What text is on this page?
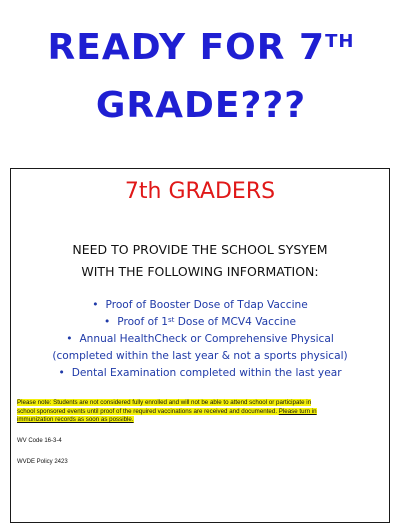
READY FOR 7TH
GRADE???
7th GRADERS
NEED TO PROVIDE THE SCHOOL SYSYEM
WITH THE FOLLOWING INFORMATION:
• Proof of Booster Dose of Tdap Vaccine
• Proof of 1st Dose of MCV4 Vaccine
• Annual HealthCheck or Comprehensive Physical
(completed within the last year & not a sports physical)
• Dental Examination completed within the last year
Please note: Students are not considered fully enrolled and will not be able to attend school or participate in
school sponsored events until proof of the required vaccinations are received and documented. Please turn in
immunization records as soon as possible.
WV Code 16-3-4
WVDE Policy 2423
